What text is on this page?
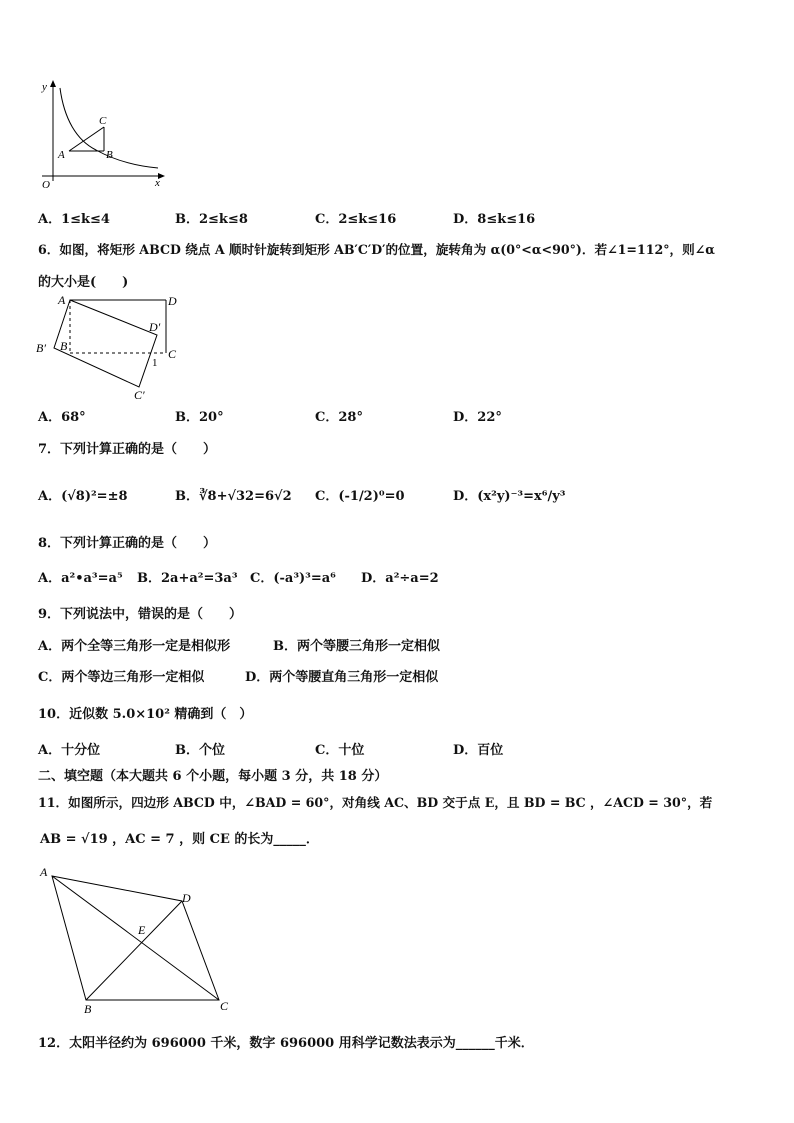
y
x
O
A	B
C
A．1≤k≤4	B．2≤k≤8	C．2≤k≤16	D．8≤k≤16
6．如图，将矩形 ABCD 绕点 A 顺时针旋转到矩形 AB′C′D′的位置，旋转角为 α(0°<α<90°)．若∠1=112°，则∠α
的大小是(　　)
A	D
D′
B′ B
C
1
C′
A．68°	B．20°	C．28°	D．22°
7．下列计算正确的是（　　）
A．(√8)²=±8	B．∛8+√32=6√2 C．(-1/2)⁰=0	D．(x²y)⁻³=x⁶/y³
8．下列计算正确的是（　　）
A．a²•a³=a⁵ B．2a+a²=3a³ C．(-a³)³=a⁶ D．a²÷a=2
9．下列说法中，错误的是（　　）
A．两个全等三角形一定是相似形	B．两个等腰三角形一定相似
C．两个等边三角形一定相似	D．两个等腰直角三角形一定相似
10．近似数 5.0×10² 精确到（　）
A．十分位	B．个位	C．十位	D．百位
二、填空题（本大题共 6 个小题，每小题 3 分，共 18 分）
11．如图所示，四边形 ABCD 中，∠BAD = 60°，对角线 AC、BD 交于点 E，且 BD = BC ，∠ACD = 30°，若
AB = √19 ，AC = 7 ，则 CE 的长为_____．
A
D
E
B	C
12．太阳半径约为 696000 千米，数字 696000 用科学记数法表示为______千米．
